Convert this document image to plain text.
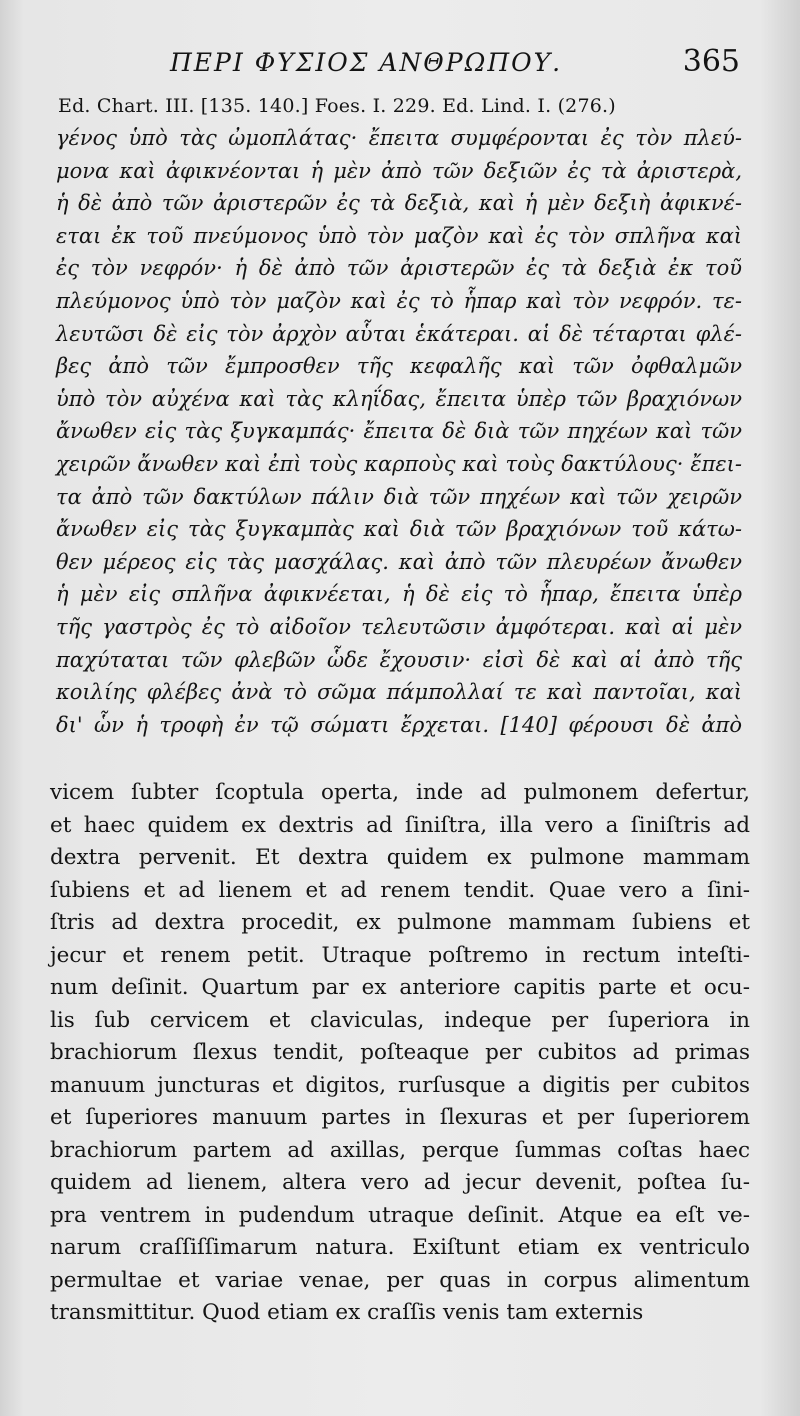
ΠΕΡΙ ΦΥΣΙΟΣ ΑΝΘΡΩΠΟΥ.	365
Ed. Chart. III. [135. 140.] Foes. I. 229. Ed. Lind. I. (276.)
γένος ὑπὸ τὰς ὠμοπλάτας· ἔπειτα συμφέρονται ἐς τὸν πλεύ-
μονα καὶ ἀφικνέονται ἡ μὲν ἀπὸ τῶν δεξιῶν ἐς τὰ ἀριστερὰ,
ἡ δὲ ἀπὸ τῶν ἀριστερῶν ἐς τὰ δεξιὰ, καὶ ἡ μὲν δεξιὴ ἀφικνέ-
εται ἐκ τοῦ πνεύμονος ὑπὸ τὸν μαζὸν καὶ ἐς τὸν σπλῆνα καὶ
ἐς τὸν νεφρόν· ἡ δὲ ἀπὸ τῶν ἀριστερῶν ἐς τὰ δεξιὰ ἐκ τοῦ
πλεύμονος ὑπὸ τὸν μαζὸν καὶ ἐς τὸ ἧπαρ καὶ τὸν νεφρόν. τε-
λευτῶσι δὲ εἰς τὸν ἀρχὸν αὗται ἑκάτεραι. αἱ δὲ τέταρται φλέ-
βες ἀπὸ τῶν ἔμπροσθεν τῆς κεφαλῆς καὶ τῶν ὀφθαλμῶν
ὑπὸ τὸν αὐχένα καὶ τὰς κληΐδας, ἔπειτα ὑπὲρ τῶν βραχιόνων
ἄνωθεν εἰς τὰς ξυγκαμπάς· ἔπειτα δὲ διὰ τῶν πηχέων καὶ τῶν
χειρῶν ἄνωθεν καὶ ἐπὶ τοὺς καρποὺς καὶ τοὺς δακτύλους· ἔπει-
τα ἀπὸ τῶν δακτύλων πάλιν διὰ τῶν πηχέων καὶ τῶν χειρῶν
ἄνωθεν εἰς τὰς ξυγκαμπὰς καὶ διὰ τῶν βραχιόνων τοῦ κάτω-
θεν μέρεος εἰς τὰς μασχάλας. καὶ ἀπὸ τῶν πλευρέων ἄνωθεν
ἡ μὲν εἰς σπλῆνα ἀφικνέεται, ἡ δὲ εἰς τὸ ἧπαρ, ἔπειτα ὑπὲρ
τῆς γαστρὸς ἐς τὸ αἰδοῖον τελευτῶσιν ἀμφότεραι. καὶ αἱ μὲν
παχύταται τῶν φλεβῶν ὧδε ἔχουσιν· εἰσὶ δὲ καὶ αἱ ἀπὸ τῆς
κοιλίης φλέβες ἀνὰ τὸ σῶμα πάμπολλαί τε καὶ παντοῖαι, καὶ
δι' ὧν ἡ τροφὴ ἐν τῷ σώματι ἔρχεται. [140] φέρουσι δὲ ἀπὸ
vicem ſubter ſcoptula operta, inde ad pulmonem defertur,
et haec quidem ex dextris ad ſiniſtra, illa vero a ſiniſtris ad
dextra pervenit. Et dextra quidem ex pulmone mammam
ſubiens et ad lienem et ad renem tendit. Quae vero a ſini-
ſtris ad dextra procedit, ex pulmone mammam ſubiens et
jecur et renem petit. Utraque poſtremo in rectum inteſti-
num deſinit. Quartum par ex anteriore capitis parte et ocu-
lis ſub cervicem et claviculas, indeque per ſuperiora in
brachiorum ſlexus tendit, poſteaque per cubitos ad primas
manuum juncturas et digitos, rurſusque a digitis per cubitos
et ſuperiores manuum partes in ſlexuras et per ſuperiorem
brachiorum partem ad axillas, perque ſummas coſtas haec
quidem ad lienem, altera vero ad jecur devenit, poſtea ſu-
pra ventrem in pudendum utraque deſinit. Atque ea eſt ve-
narum craſſiſſimarum natura. Exiſtunt etiam ex ventriculo
permultae et variae venae, per quas in corpus alimentum
transmittitur. Quod etiam ex craſſis venis tam externis
